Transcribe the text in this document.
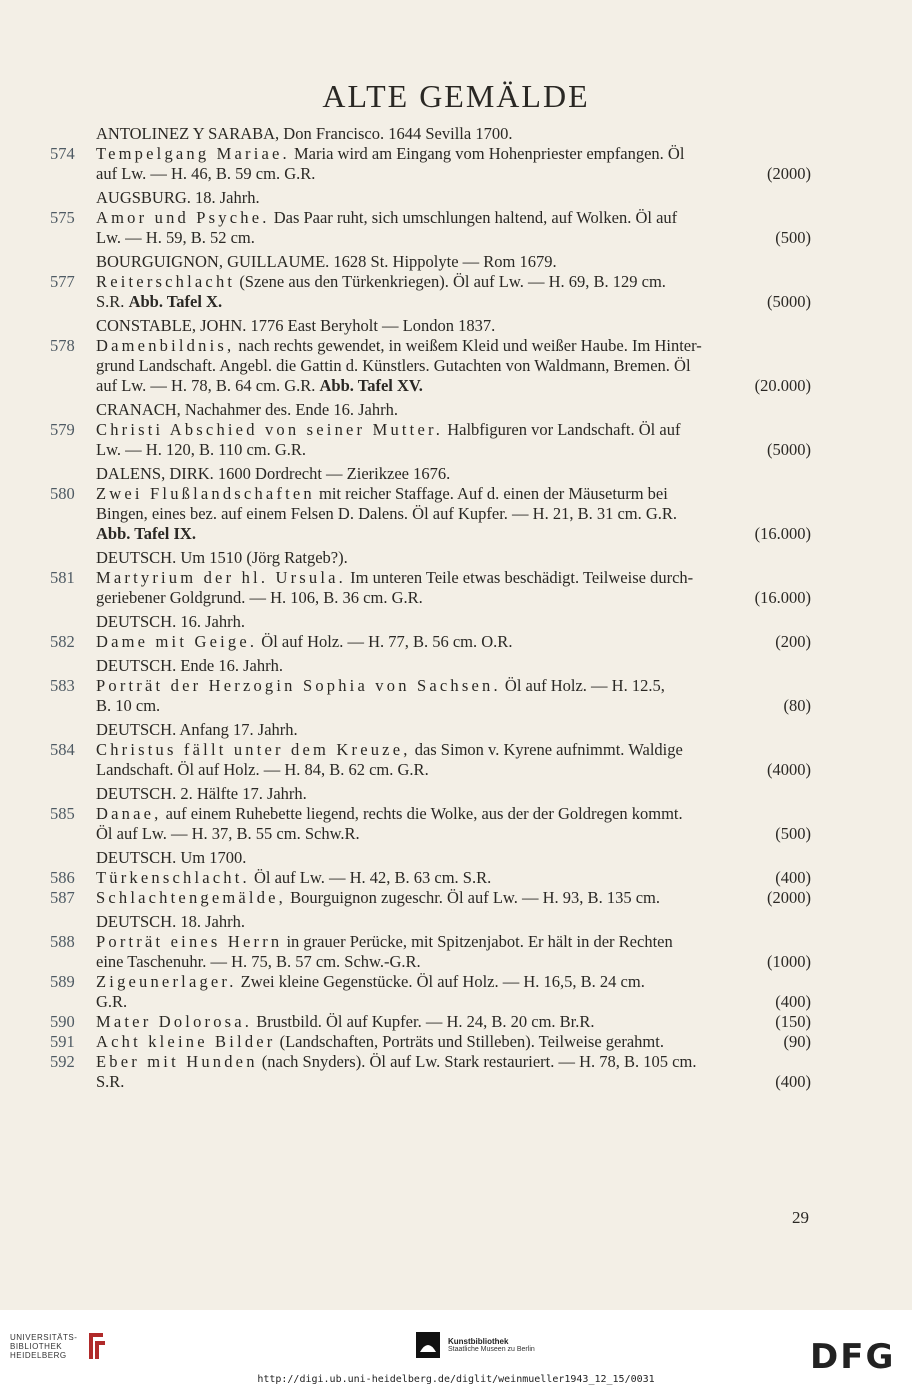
ALTE GEMÄLDE
ANTOLINEZ Y SARABA, Don Francisco. 1644 Sevilla 1700.
574 Tempelgang Mariae. Maria wird am Eingang vom Hohenpriester empfangen. Öl
auf Lw. — H. 46, B. 59 cm. G.R.	(2000)
AUGSBURG. 18. Jahrh.
575 Amor und Psyche. Das Paar ruht, sich umschlungen haltend, auf Wolken. Öl auf
Lw. — H. 59, B. 52 cm.	(500)
BOURGUIGNON, GUILLAUME. 1628 St. Hippolyte — Rom 1679.
577 Reiterschlacht (Szene aus den Türkenkriegen). Öl auf Lw. — H. 69, B. 129 cm.
S.R. Abb. Tafel X.	(5000)
CONSTABLE, JOHN. 1776 East Beryholt — London 1837.
578 Damenbildnis, nach rechts gewendet, in weißem Kleid und weißer Haube. Im Hinter-
grund Landschaft. Angebl. die Gattin d. Künstlers. Gutachten von Waldmann, Bremen. Öl
auf Lw. — H. 78, B. 64 cm. G.R. Abb. Tafel XV.	(20.000)
CRANACH, Nachahmer des. Ende 16. Jahrh.
579 Christi Abschied von seiner Mutter. Halbfiguren vor Landschaft. Öl auf
Lw. — H. 120, B. 110 cm. G.R.	(5000)
DALENS, DIRK. 1600 Dordrecht — Zierikzee 1676.
580 Zwei Flußlandschaften mit reicher Staffage. Auf d. einen der Mäuseturm bei
Bingen, eines bez. auf einem Felsen D. Dalens. Öl auf Kupfer. — H. 21, B. 31 cm. G.R.
Abb. Tafel IX.	(16.000)
DEUTSCH. Um 1510 (Jörg Ratgeb?).
581 Martyrium der hl. Ursula. Im unteren Teile etwas beschädigt. Teilweise durch-
geriebener Goldgrund. — H. 106, B. 36 cm. G.R.	(16.000)
DEUTSCH. 16. Jahrh.
582 Dame mit Geige. Öl auf Holz. — H. 77, B. 56 cm. O.R.	(200)
DEUTSCH. Ende 16. Jahrh.
583 Porträt der Herzogin Sophia von Sachsen. Öl auf Holz. — H. 12.5,
B. 10 cm.	(80)
DEUTSCH. Anfang 17. Jahrh.
584 Christus fällt unter dem Kreuze, das Simon v. Kyrene aufnimmt. Waldige
Landschaft. Öl auf Holz. — H. 84, B. 62 cm. G.R.	(4000)
DEUTSCH. 2. Hälfte 17. Jahrh.
585 Danae, auf einem Ruhebette liegend, rechts die Wolke, aus der der Goldregen kommt.
Öl auf Lw. — H. 37, B. 55 cm. Schw.R.	(500)
DEUTSCH. Um 1700.
586 Türkenschlacht. Öl auf Lw. — H. 42, B. 63 cm. S.R.	(400)
587 Schlachtengemälde, Bourguignon zugeschr. Öl auf Lw. — H. 93, B. 135 cm.	(2000)
DEUTSCH. 18. Jahrh.
588 Porträt eines Herrn in grauer Perücke, mit Spitzenjabot. Er hält in der Rechten
eine Taschenuhr. — H. 75, B. 57 cm. Schw.-G.R.	(1000)
589 Zigeunerlager. Zwei kleine Gegenstücke. Öl auf Holz. — H. 16,5, B. 24 cm.
G.R.	(400)
590 Mater Dolorosa. Brustbild. Öl auf Kupfer. — H. 24, B. 20 cm. Br.R.	(150)
591 Acht kleine Bilder (Landschaften, Porträts und Stilleben). Teilweise gerahmt.	(90)
592 Eber mit Hunden (nach Snyders). Öl auf Lw. Stark restauriert. — H. 78, B. 105 cm.
S.R.	(400)
29
UNIVERSITÄTS-
BIBLIOTHEK
HEIDELBERG
Kunstbibliothek
Staatliche Museen zu Berlin	DFG
http://digi.ub.uni-heidelberg.de/diglit/weinmueller1943_12_15/0031
